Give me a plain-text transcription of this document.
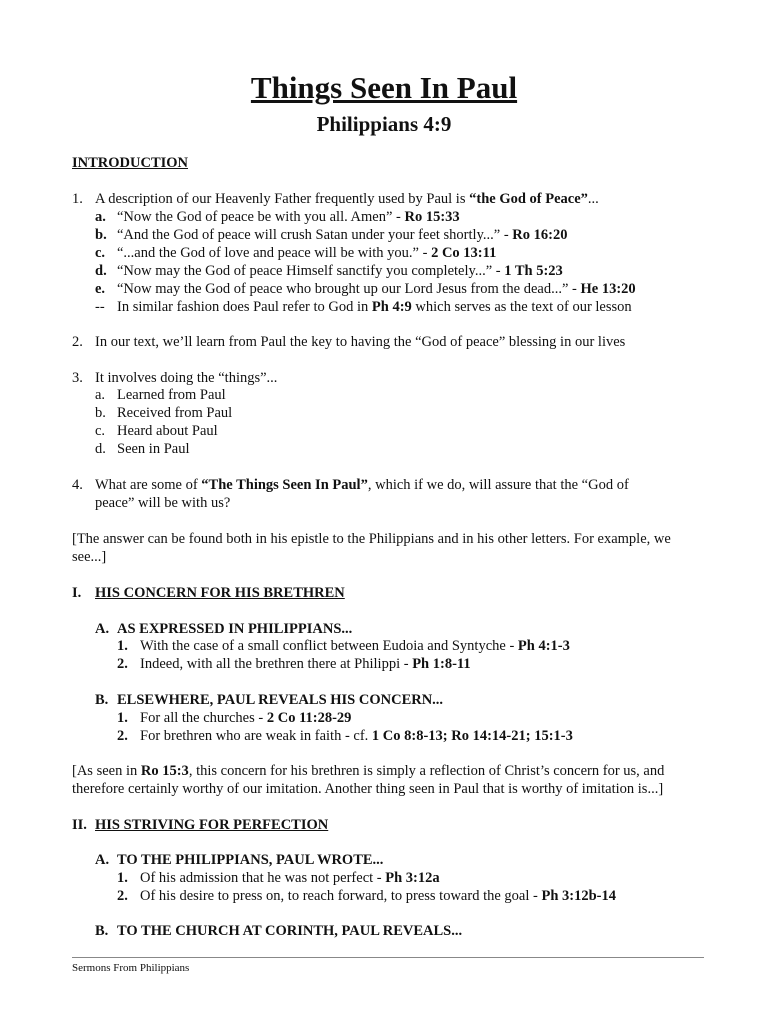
Things Seen In Paul
Philippians 4:9
INTRODUCTION
1. A description of our Heavenly Father frequently used by Paul is “the God of Peace”...
a. “Now the God of peace be with you all. Amen” - Ro 15:33
b. “And the God of peace will crush Satan under your feet shortly...” - Ro 16:20
c. “...and the God of love and peace will be with you.” - 2 Co 13:11
d. “Now may the God of peace Himself sanctify you completely...” - 1 Th 5:23
e. “Now may the God of peace who brought up our Lord Jesus from the dead...” - He 13:20
-- In similar fashion does Paul refer to God in Ph 4:9 which serves as the text of our lesson
2. In our text, we’ll learn from Paul the key to having the “God of peace” blessing in our lives
3. It involves doing the “things”...
a. Learned from Paul
b. Received from Paul
c. Heard about Paul
d. Seen in Paul
4. What are some of “The Things Seen In Paul”, which if we do, will assure that the “God of
peace” will be with us?
[The answer can be found both in his epistle to the Philippians and in his other letters. For example, we
see...]
I. HIS CONCERN FOR HIS BRETHREN
A. AS EXPRESSED IN PHILIPPIANS...
1. With the case of a small conflict between Eudoia and Syntyche - Ph 4:1-3
2. Indeed, with all the brethren there at Philippi - Ph 1:8-11
B. ELSEWHERE, PAUL REVEALS HIS CONCERN...
1. For all the churches - 2 Co 11:28-29
2. For brethren who are weak in faith - cf. 1 Co 8:8-13; Ro 14:14-21; 15:1-3
[As seen in Ro 15:3, this concern for his brethren is simply a reflection of Christ’s concern for us, and
therefore certainly worthy of our imitation. Another thing seen in Paul that is worthy of imitation is...]
II. HIS STRIVING FOR PERFECTION
A. TO THE PHILIPPIANS, PAUL WROTE...
1. Of his admission that he was not perfect - Ph 3:12a
2. Of his desire to press on, to reach forward, to press toward the goal - Ph 3:12b-14
B. TO THE CHURCH AT CORINTH, PAUL REVEALS...
Sermons From Philippians
